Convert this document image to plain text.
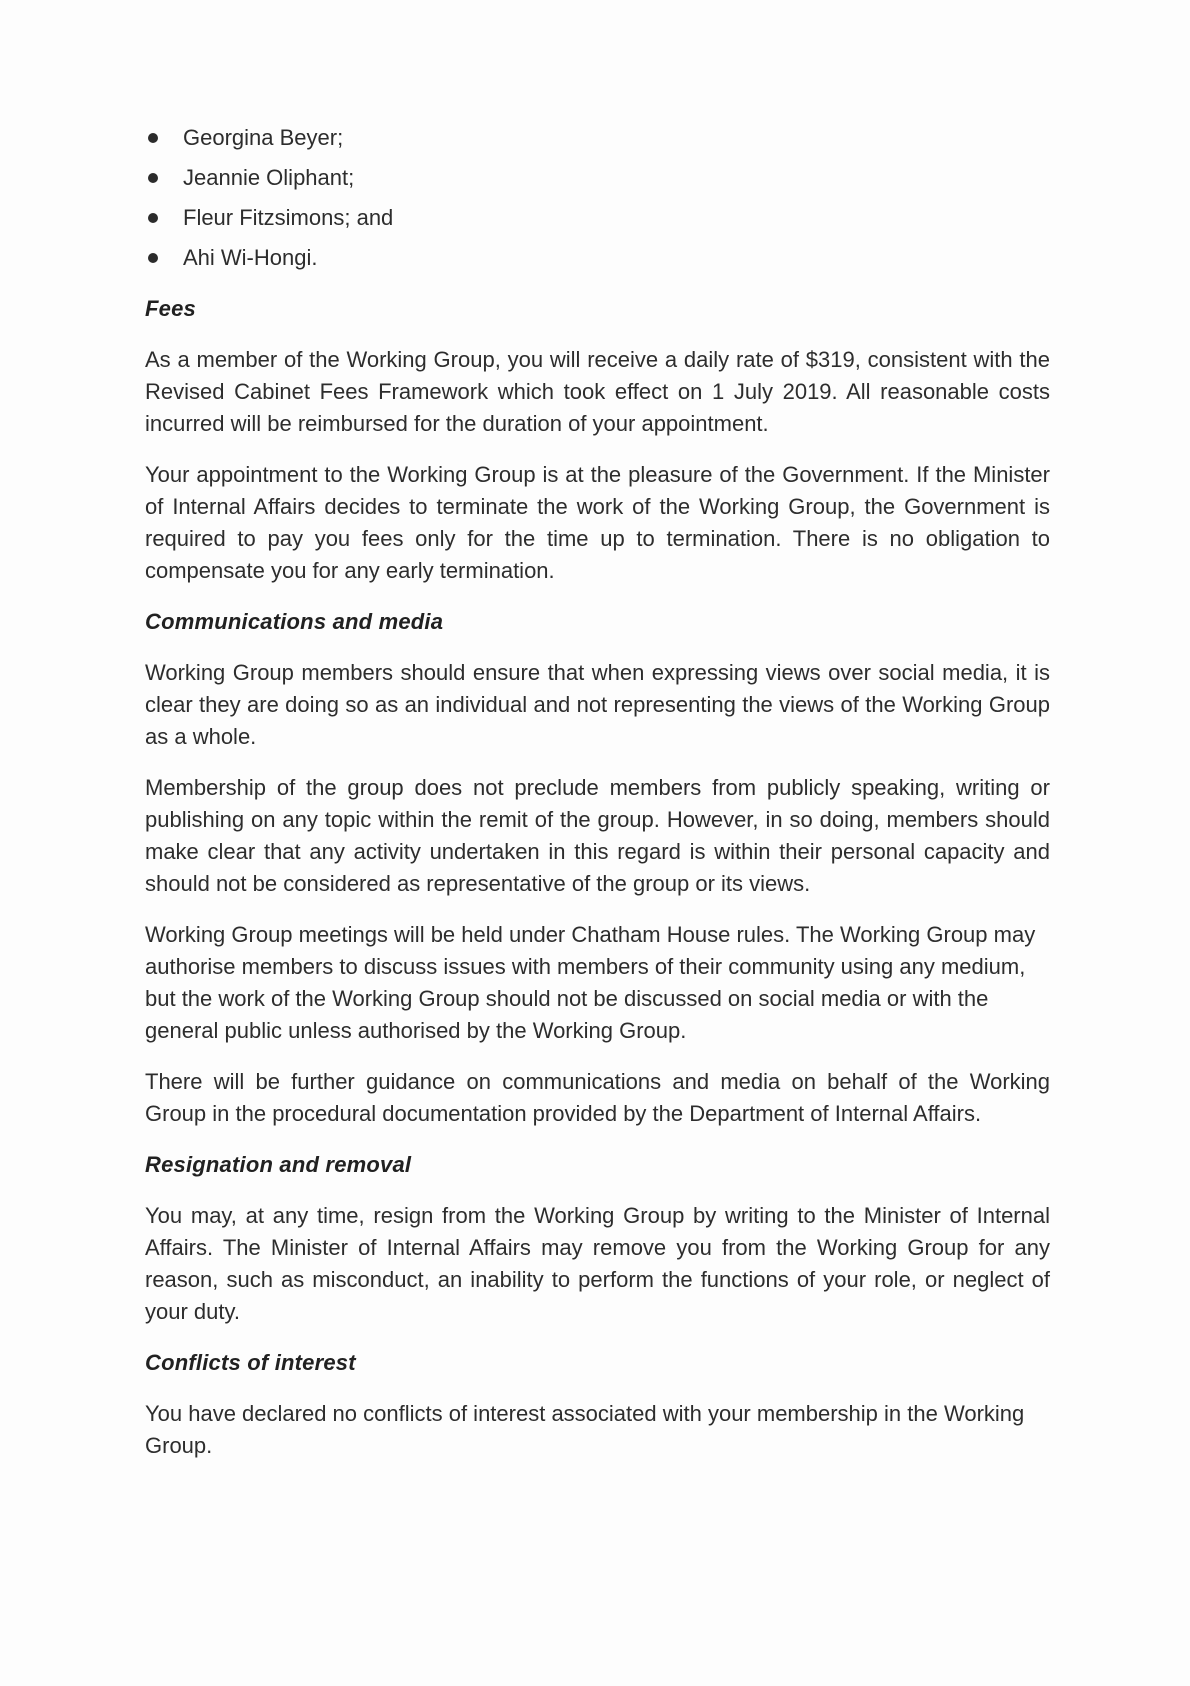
Georgina Beyer;
Jeannie Oliphant;
Fleur Fitzsimons; and
Ahi Wi-Hongi.
Fees

As a member of the Working Group, you will receive a daily rate of $319, consistent with the Revised Cabinet Fees Framework which took effect on 1 July 2019. All reasonable costs incurred will be reimbursed for the duration of your appointment.

Your appointment to the Working Group is at the pleasure of the Government. If the Minister of Internal Affairs decides to terminate the work of the Working Group, the Government is required to pay you fees only for the time up to termination. There is no obligation to compensate you for any early termination.

Communications and media

Working Group members should ensure that when expressing views over social media, it is clear they are doing so as an individual and not representing the views of the Working Group as a whole.

Membership of the group does not preclude members from publicly speaking, writing or publishing on any topic within the remit of the group. However, in so doing, members should make clear that any activity undertaken in this regard is within their personal capacity and should not be considered as representative of the group or its views.

Working Group meetings will be held under Chatham House rules. The Working Group may authorise members to discuss issues with members of their community using any medium, but the work of the Working Group should not be discussed on social media or with the general public unless authorised by the Working Group.

There will be further guidance on communications and media on behalf of the Working Group in the procedural documentation provided by the Department of Internal Affairs.

Resignation and removal

You may, at any time, resign from the Working Group by writing to the Minister of Internal Affairs. The Minister of Internal Affairs may remove you from the Working Group for any reason, such as misconduct, an inability to perform the functions of your role, or neglect of your duty.

Conflicts of interest

You have declared no conflicts of interest associated with your membership in the Working Group.
